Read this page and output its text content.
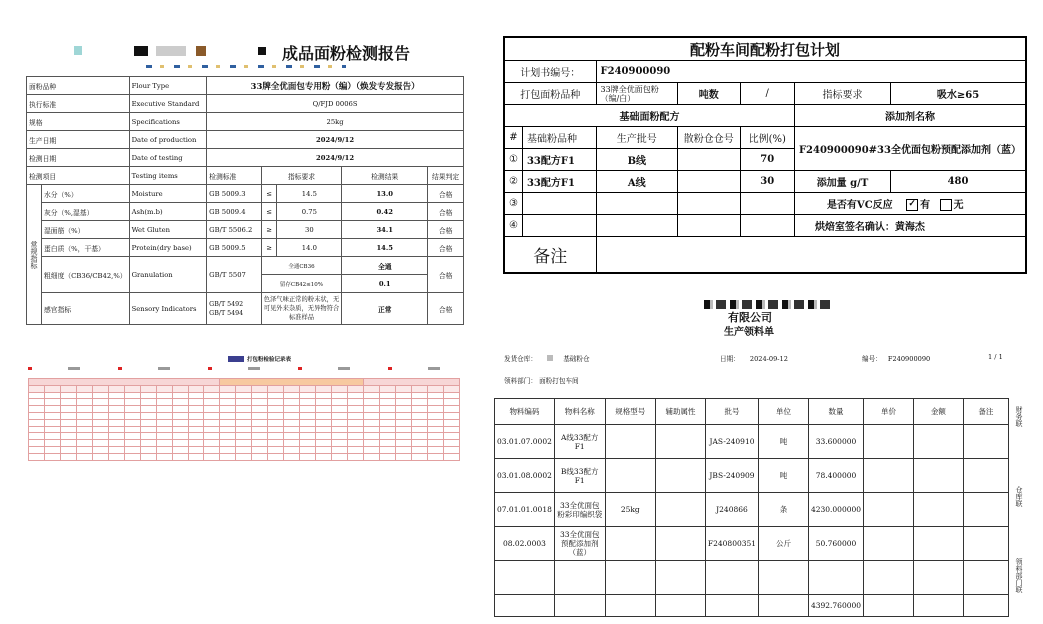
成品面粉检测报告
面粉品种		Flour Type	33牌全优面包专用粉（编）（焕发专发报告）				
执行标准		Executive Standard	Q/FJD 0006S				
规格		Specifications	25kg				
生产日期		Date of production	2024/9/12				
检测日期		Date of testing	2024/9/12				
检测项目		Testing items	检测标准	指标要求		检测结果	结果判定
常规指标	水分（%）	Moisture	GB 5009.3	≤	14.5	13.0	合格
	灰分（%,湿基）	Ash(m.b)	GB 5009.4	≤	0.75	0.42	合格
	湿面筋（%）	Wet Gluten	GB/T 5506.2	≥	30	34.1	合格
	蛋白质（%，干基）	Protein(dry base)	GB 5009.5	≥	14.0	14.5	合格
	粗细度（CB36/CB42,%）	Granulation	GB/T 5507	全通CB36		全通	合格
				留存CB42≤10%		0.1	
	感官指标	Sensory Indicators	GB/T 5492 GB/T 5494	色泽气味正常的粉末状，无可见外来杂质，无异物符合标准样品		正常	合格
配粉车间配粉打包计划						
计划书编号：		F240900090				
打包面粉品种		33牌全优面包粉（编/白）	吨数	/	指标要求	吸水≥65
基础面粉配方					添加剂名称	
#	基础粉品种	生产批号	散粉仓仓号	比例(%)	F240900090#33全优面包粉预配添加剂（蓝）	
①	33配方F1	B线		70		
②	33配方F1	A线		30	添加量 g/T	480
③					是否有VC反应 ✓ 有 无	
④					烘焙室签名确认：黄海杰	
备注						
打包粉检验记录表

有限公司
生产领料单
发货仓库：	基础粉仓	日期： 2024-09-12	编号： F240900090	1 / 1
领料部门： 面粉打包车间
物料编码	物料名称	规格型号	辅助属性	批号	单位	数量	单价	金额	备注
03.01.07.0002	A线33配方F1			JAS-240910	吨	33.600000			
03.01.08.0002	B线33配方F1			JBS-240909	吨	78.400000			
07.01.01.0018	33全优面包粉彩印编织袋	25kg		J240866	条	4230.000000			
08.02.0003	33全优面包预配添加剂（蓝）			F240800351	公斤	50.760000			

						4392.760000			
财务联
仓库联
领料部门联
